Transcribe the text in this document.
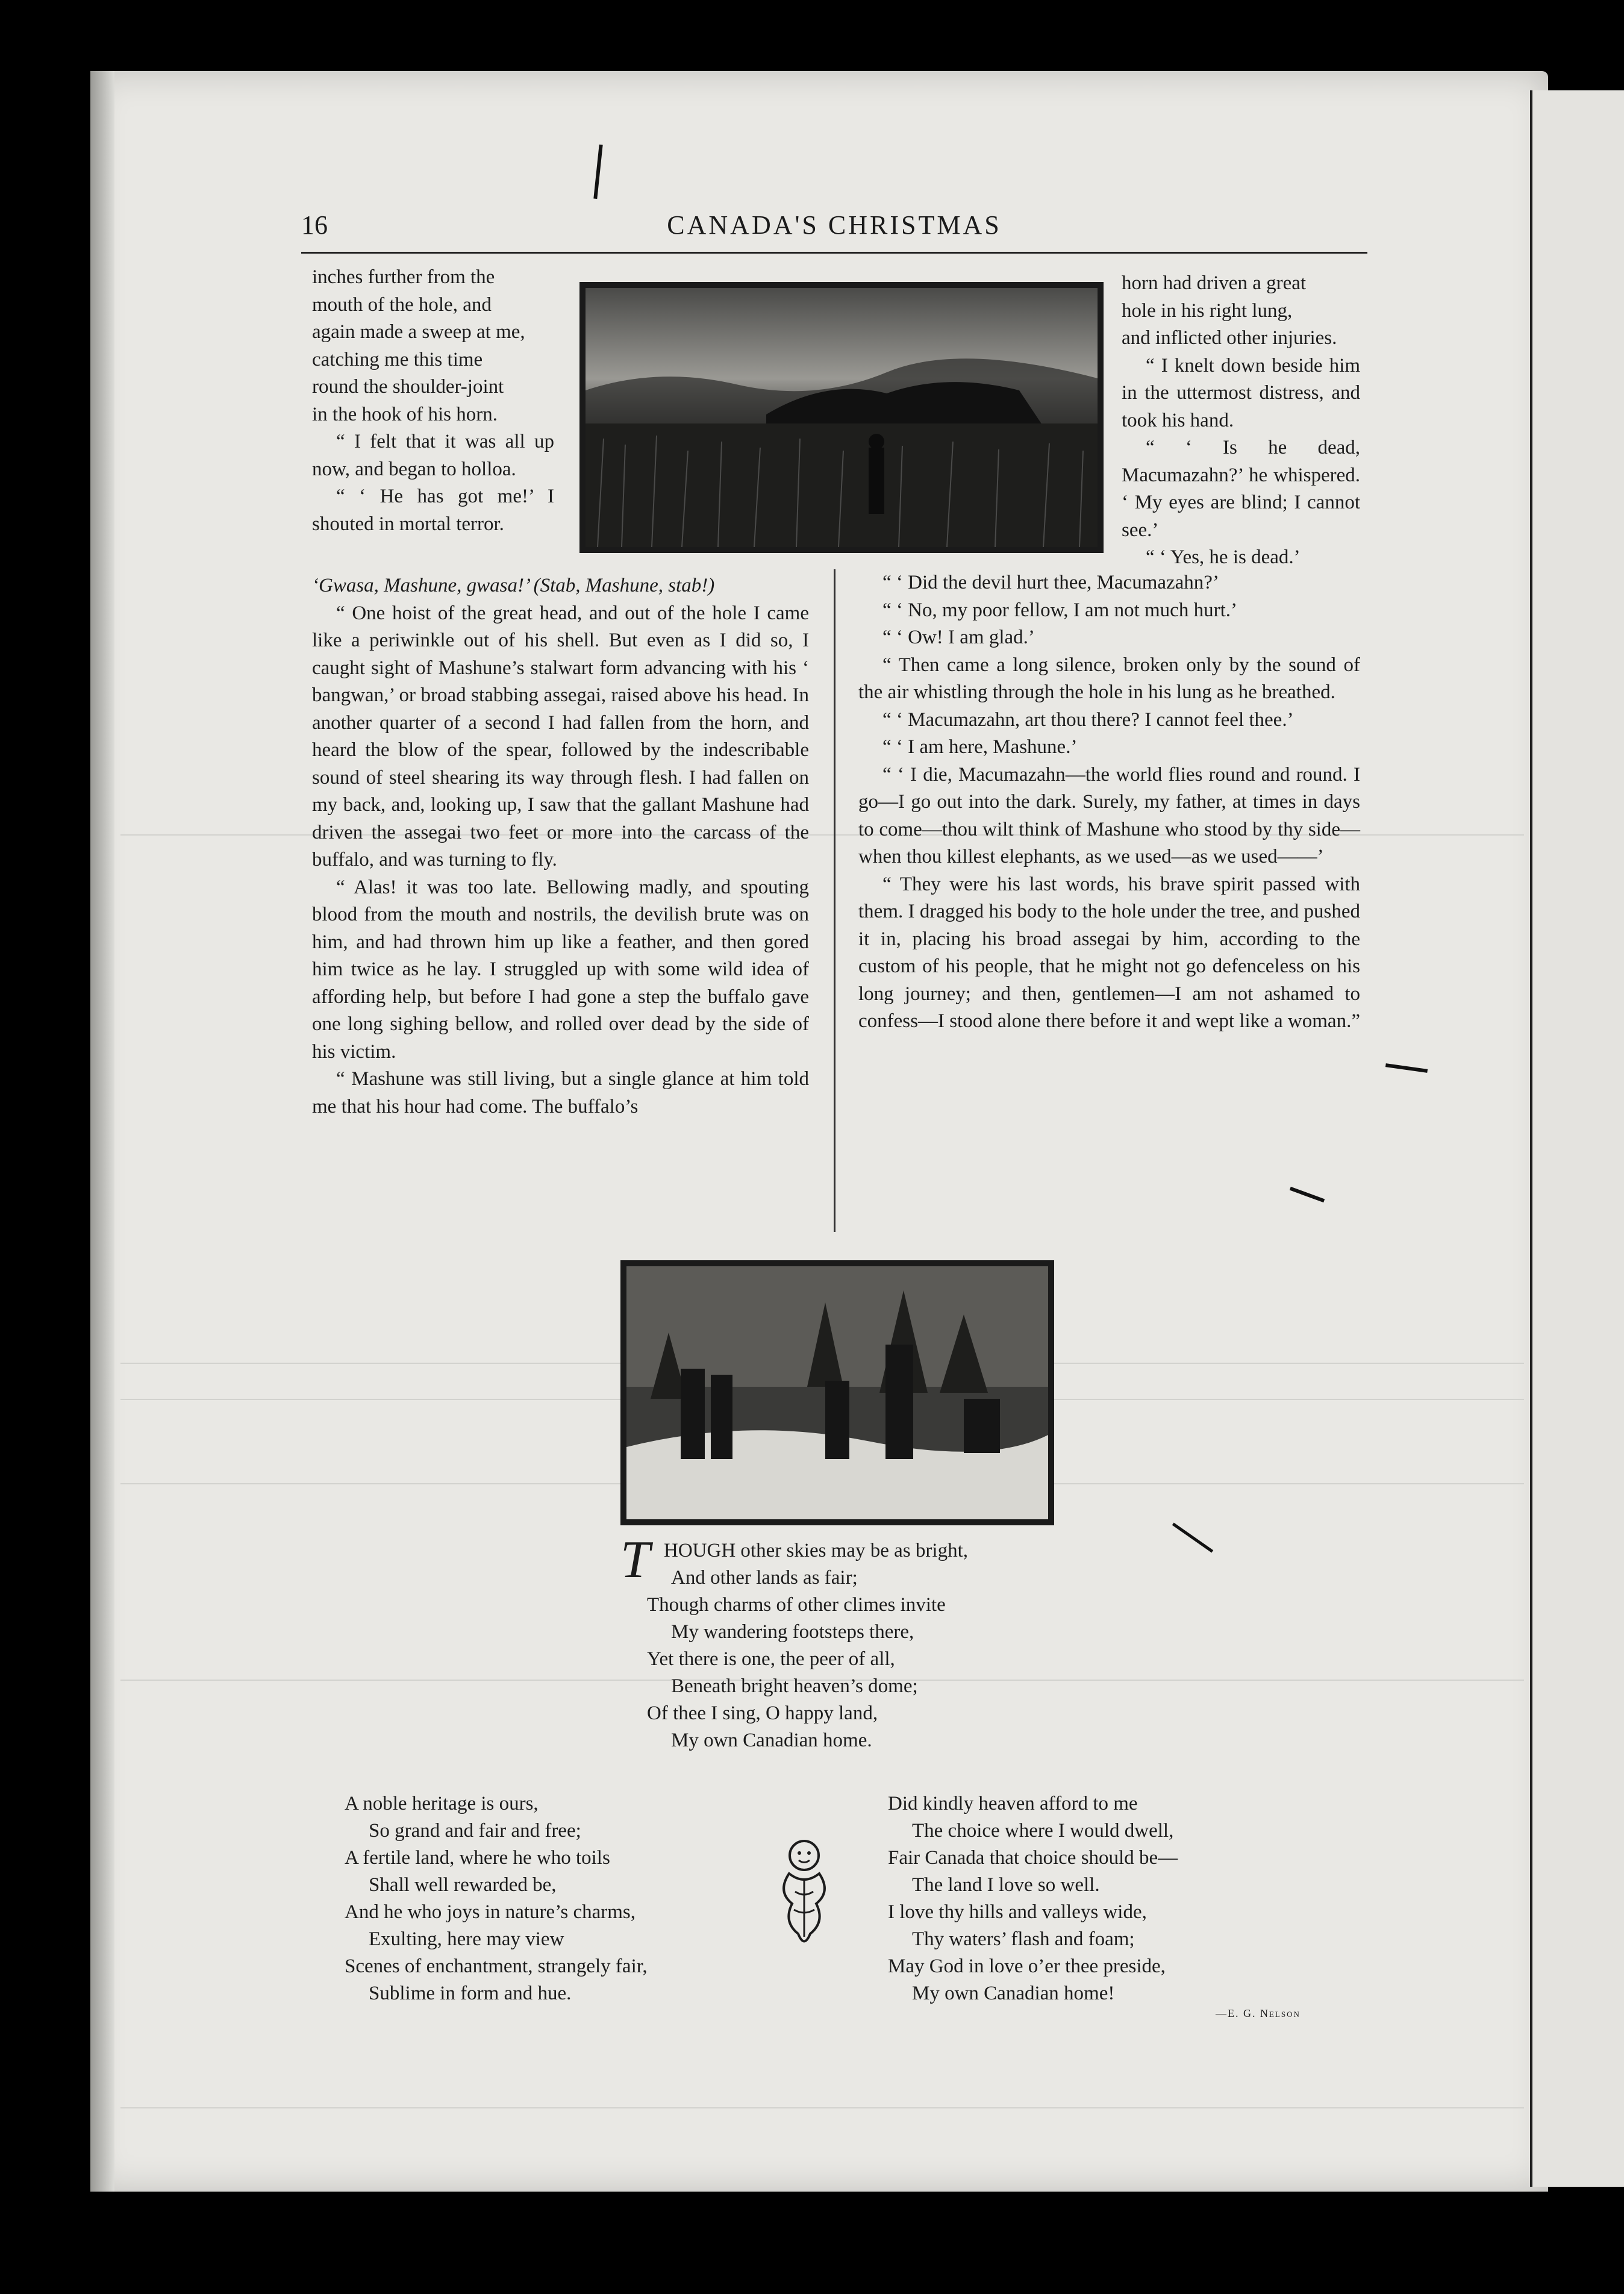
16	CANADA'S CHRISTMAS
inches further from the
mouth of the hole, and
again made a sweep at me,
catching me this time
round the shoulder-joint
in the hook of his horn.

“ I felt that it was all up now, and began to holloa.

“ ‘ He has got me!’ I shouted in mortal terror.

‘Gwasa, Mashune, gwasa!’ (Stab, Mashune, stab!)

“ One hoist of the great head, and out of the hole I came like a periwinkle out of his shell. But even as I did so, I caught sight of Mashune’s stalwart form advancing with his ‘ bangwan,’ or broad stabbing assegai, raised above his head. In another quarter of a second I had fallen from the horn, and heard the blow of the spear, followed by the indescribable sound of steel shearing its way through flesh. I had fallen on my back, and, looking up, I saw that the gallant Mashune had driven the assegai two feet or more into the carcass of the buffalo, and was turning to fly.

“ Alas! it was too late. Bellowing madly, and spouting blood from the mouth and nostrils, the devilish brute was on him, and had thrown him up like a feather, and then gored him twice as he lay. I struggled up with some wild idea of affording help, but before I had gone a step the buffalo gave one long sighing bellow, and rolled over dead by the side of his victim.

“ Mashune was still living, but a single glance at him told me that his hour had come. The buffalo’s

horn had driven a great
hole in his right lung,
and inflicted other injuries.

“ I knelt down beside him in the uttermost distress, and took his hand.

“ ‘ Is he dead, Macumazahn?’ he whispered. ‘ My eyes are blind; I cannot see.’

“ ‘ Yes, he is dead.’

“ ‘ Did the devil hurt thee, Macumazahn?’

“ ‘ No, my poor fellow, I am not much hurt.’

“ ‘ Ow! I am glad.’

“ Then came a long silence, broken only by the sound of the air whistling through the hole in his lung as he breathed.

“ ‘ Macumazahn, art thou there? I cannot feel thee.’

“ ‘ I am here, Mashune.’

“ ‘ I die, Macumazahn—the world flies round and round. I go—I go out into the dark. Surely, my father, at times in days to come—thou wilt think of Mashune who stood by thy side—when thou killest elephants, as we used—as we used——’

“ They were his last words, his brave spirit passed with them. I dragged his body to the hole under the tree, and pushed it in, placing his broad assegai by him, according to the custom of his people, that he might not go defenceless on his long journey; and then, gentlemen—I am not ashamed to confess—I stood alone there before it and wept like a woman.”

T HOUGH other skies may be as bright,
And other lands as fair;
Though charms of other climes invite
My wandering footsteps there,
Yet there is one, the peer of all,
Beneath bright heaven’s dome;
Of thee I sing, O happy land,
My own Canadian home.
A noble heritage is ours,
So grand and fair and free;
A fertile land, where he who toils
Shall well rewarded be,
And he who joys in nature’s charms,
Exulting, here may view
Scenes of enchantment, strangely fair,
Sublime in form and hue.
Did kindly heaven afford to me
The choice where I would dwell,
Fair Canada that choice should be—
The land I love so well.
I love thy hills and valleys wide,
Thy waters’ flash and foam;
May God in love o’er thee preside,
My own Canadian home!
—E. G. Nelson
